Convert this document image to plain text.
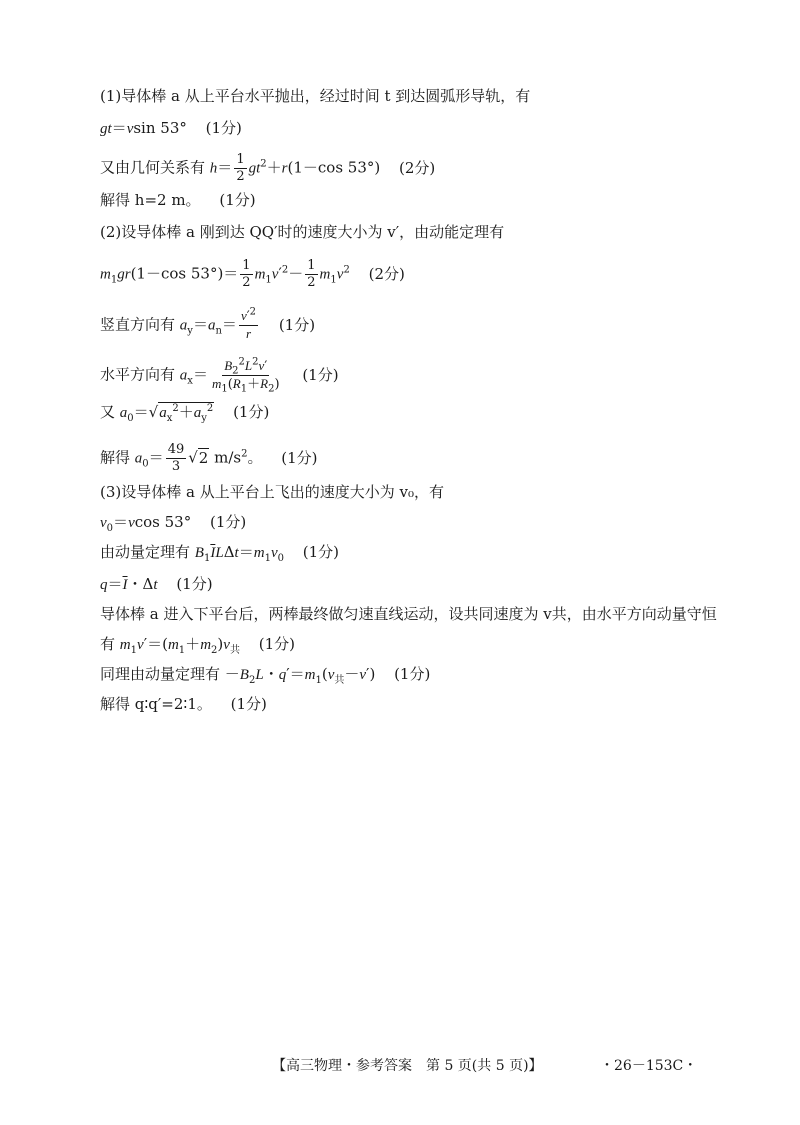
(1)导体棒 a 从上平台水平抛出，经过时间 t 到达圆弧形导轨，有
gt＝vsin 53° (1分)
又由几何关系有 $h= \frac{1}{2} gt^2+r(1-\cos$ 53°) (2分)
解得 h=2 m。 (1分)
(2)设导体棒 a 刚到达 QQ′时的速度大小为 v′，由动能定理有
$m_1gr(1-\cos$ $53^\circ)= \frac{1}{2} m_1v'^2- \frac{1}{2} m_1v^2$ (2分)
竖直方向有 $a_y=a_n= \frac{v'^2}{r} (1$分)
水平方向有 $a_x= \frac{B_2^2L^2v'}{m_1(R_1+R_2)} (1$分)
又 $a_0=√a_x^2+a_y^2$ (1分)
解得 $a_0= \frac{49}{3} √2$ $m/s^2$。 (1分)
(3)设导体棒 a 从上平台上飞出的速度大小为 v₀，有
$v_0=vcos$ 53° (1分)
由动量定理有 $B_1\overline{I}L\Delta t=m_1v_0$ (1分)
$q=\overline{I}$・Δt (1分)
导体棒 a 进入下平台后，两棒最终做匀速直线运动，设共同速度为 v共，由水平方向动量守恒
有 $m_1v'=(m_1+m_2)v_共$ (1分)
同理由动量定理有 $-B_2L$・$q'=m_1(v_共-v')$ (1分)
解得 q∶q′=2∶1。 (1分)
【高三物理・参考答案　第 5 页(共 5 页)】	・26－153C・
